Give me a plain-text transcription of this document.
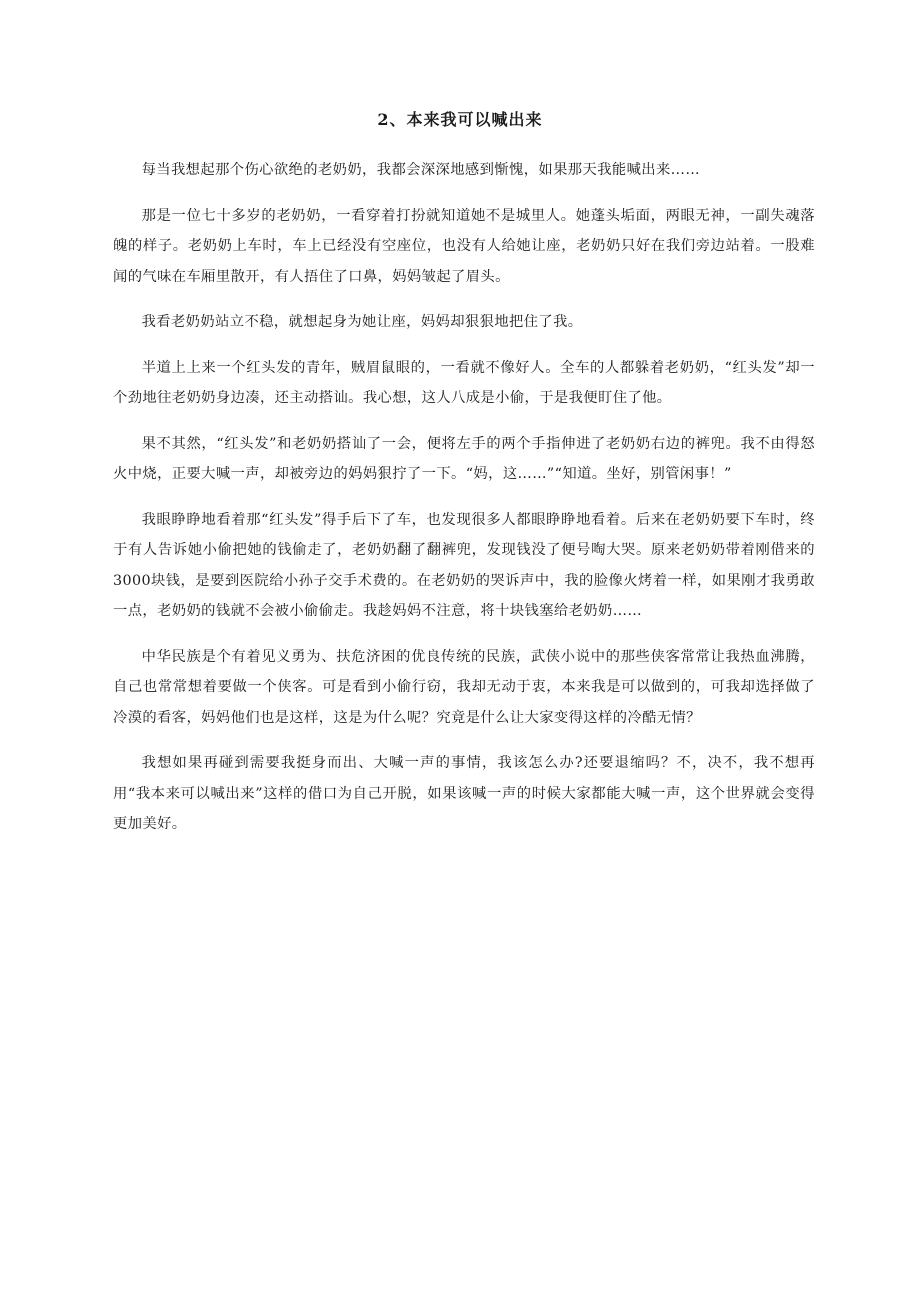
2、本来我可以喊出来

每当我想起那个伤心欲绝的老奶奶，我都会深深地感到惭愧，如果那天我能喊出来……

那是一位七十多岁的老奶奶，一看穿着打扮就知道她不是城里人。她蓬头垢面，两眼无神，一副失魂落魄的样子。老奶奶上车时，车上已经没有空座位，也没有人给她让座，老奶奶只好在我们旁边站着。一股难闻的气味在车厢里散开，有人捂住了口鼻，妈妈皱起了眉头。

我看老奶奶站立不稳，就想起身为她让座，妈妈却狠狠地把住了我。

半道上上来一个红头发的青年，贼眉鼠眼的，一看就不像好人。全车的人都躲着老奶奶，“红头发”却一个劲地往老奶奶身边凑，还主动搭讪。我心想，这人八成是小偷，于是我便盯住了他。

果不其然，“红头发”和老奶奶搭讪了一会，便将左手的两个手指伸进了老奶奶右边的裤兜。我不由得怒火中烧，正要大喊一声，却被旁边的妈妈狠拧了一下。“妈，这……”“知道。坐好，别管闲事！”

我眼睁睁地看着那“红头发”得手后下了车，也发现很多人都眼睁睁地看着。后来在老奶奶要下车时，终于有人告诉她小偷把她的钱偷走了，老奶奶翻了翻裤兜，发现钱没了便号啕大哭。原来老奶奶带着刚借来的3000块钱，是要到医院给小孙子交手术费的。在老奶奶的哭诉声中，我的脸像火烤着一样，如果刚才我勇敢一点，老奶奶的钱就不会被小偷偷走。我趁妈妈不注意，将十块钱塞给老奶奶……

中华民族是个有着见义勇为、扶危济困的优良传统的民族，武侠小说中的那些侠客常常让我热血沸腾，自己也常常想着要做一个侠客。可是看到小偷行窃，我却无动于衷，本来我是可以做到的，可我却选择做了冷漠的看客，妈妈他们也是这样，这是为什么呢？究竟是什么让大家变得这样的冷酷无情？

我想如果再碰到需要我挺身而出、大喊一声的事情，我该怎么办?还要退缩吗？不，决不，我不想再用“我本来可以喊出来”这样的借口为自己开脱，如果该喊一声的时候大家都能大喊一声，这个世界就会变得更加美好。
